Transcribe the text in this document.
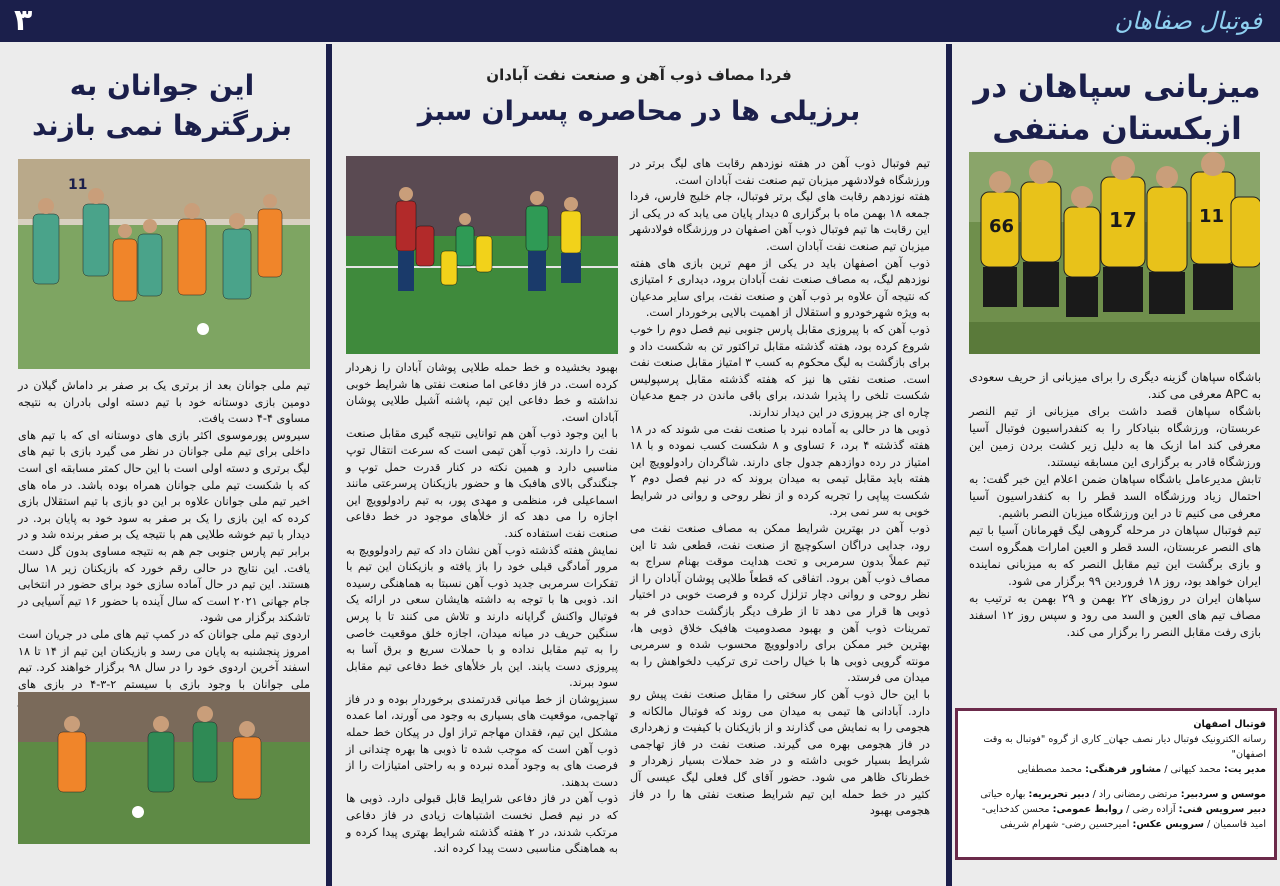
۳	فوتبال صفاهان
میزبانی سپاهان در ازبکستان منتفی
66	17	11

باشگاه سپاهان گزینه دیگری را برای میزبانی از حریف سعودی به APC معرفی می کند.

باشگاه سپاهان قصد داشت برای میزبانی از تیم النصر عربستان، ورزشگاه بنیادکار را به کنفدراسیون فوتبال آسیا معرفی کند اما ازبک ها به دلیل زیر کشت بردن زمین این ورزشگاه قادر به برگزاری این مسابقه نیستند.

تابش مدیرعامل باشگاه سپاهان ضمن اعلام این خبر گفت: به احتمال زیاد ورزشگاه السد قطر را به کنفدراسیون آسیا معرفی می کنیم تا در این ورزشگاه میزبان النصر باشیم.

تیم فوتبال سپاهان در مرحله گروهی لیگ قهرمانان آسیا با تیم های النصر عربستان، السد قطر و العین امارات همگروه است و بازی برگشت این تیم مقابل النصر که به میزبانی نماینده ایران خواهد بود، روز ۱۸ فروردین ۹۹ برگزار می شود.

سپاهان ایران در روزهای ۲۲ بهمن و ۲۹ بهمن به ترتیب به مصاف تیم های العین و السد می رود و سپس روز ۱۲ اسفند بازی رفت مقابل النصر را برگزار می کند.

فوتبال اصفهان
رسانه الکترونیک فوتبال دیار نصف جهان_ کاری از گروه "فوتبال به وقت اصفهان"
مدیر یت: محمد کیهانی / مشاور فرهنگی: محمد مصطفایی
موسس و سردبیر: مرتضی رمضانی راد / دبیر تحریریه: بهاره حیاتی
دبیر سرویس فنی: آزاده رضی / روابط عمومی: محسن کدخدایی- امید قاسمیان / سرویس عکس: امیرحسین رضی- شهرام شریفی
فردا مصاف ذوب آهن و صنعت نفت آبادان
برزیلی ها در محاصره پسران سبز

تیم فوتبال ذوب آهن در هفته نوزدهم رقابت های لیگ برتر در ورزشگاه فولادشهر میزبان تیم صنعت نفت آبادان است.

هفته نوزدهم رقابت های لیگ برتر فوتبال، جام خلیج فارس، فردا جمعه ۱۸ بهمن ماه با برگزاری ۵ دیدار پایان می یابد که در یکی از این رقابت ها تیم فوتبال ذوب آهن اصفهان در ورزشگاه فولادشهر میزبان تیم صنعت نفت آبادان است.

ذوب آهن اصفهان باید در یکی از مهم ترین بازی های هفته نوزدهم لیگ، به مصاف صنعت نفت آبادان برود، دیداری ۶ امتیازی که نتیجه آن علاوه بر ذوب آهن و صنعت نفت، برای سایر مدعیان به ویژه شهرخودرو و استقلال از اهمیت بالایی برخوردار است.

ذوب آهن که با پیروزی مقابل پارس جنوبی نیم فصل دوم را خوب شروع کرده بود، هفته گذشته مقابل تراکتور تن به شکست داد و برای بازگشت به لیگ محکوم به کسب ۳ امتیاز مقابل صنعت نفت است. صنعت نفتی ها نیز که هفته گذشته مقابل پرسپولیس شکست تلخی را پذیرا شدند، برای باقی ماندن در جمع مدعیان چاره ای جز پیروزی در این دیدار ندارند.

ذوبی ها در حالی به آماده نبرد با صنعت نفت می شوند که در ۱۸ هفته گذشته ۴ برد، ۶ تساوی و ۸ شکست کسب نموده و با ۱۸ امتیاز در رده دوازدهم جدول جای دارند. شاگردان رادولوویچ این هفته باید مقابل تیمی به میدان بروند که در نیم فصل دوم ۲ شکست پیاپی را تجربه کرده و از نظر روحی و روانی در شرایط خوبی به سر نمی برد.

ذوب آهن در بهترین شرایط ممکن به مصاف صنعت نفت می رود، جدایی دراگان اسکوچیچ از صنعت نفت، قطعی شد تا این تیم عملاً بدون سرمربی و تحت هدایت موقت بهنام سراج به مصاف ذوب آهن برود. اتفاقی که قطعاً طلایی پوشان آبادان را از نظر روحی و روانی دچار تزلزل کرده و فرصت خوبی در اختیار ذوبی ها قرار می دهد تا از طرف دیگر بازگشت حدادی فر به تمرینات ذوب آهن و بهبود مصدومیت هافبک خلاق ذوبی ها، بهترین خبر ممکن برای رادولوویچ محسوب شده و سرمربی مونته گرویی ذوبی ها با خیال راحت تری ترکیب دلخواهش را به میدان می فرستد.

با این حال ذوب آهن کار سختی را مقابل صنعت نفت پیش رو دارد. آبادانی ها تیمی به میدان می روند که فوتبال مالکانه و هجومی را به نمایش می گذارند و از بازیکنان با کیفیت و زهرداری در فاز هجومی بهره می گیرند. صنعت نفت در فاز تهاجمی شرایط بسیار خوبی داشته و در ضد حملات بسیار زهردار و خطرناک ظاهر می شود. حضور آقای گل فعلی لیگ عیسی آل کثیر در خط حمله این تیم شرایط صنعت نفتی ها را در فاز هجومی بهبود

بهبود بخشیده و خط حمله طلایی پوشان آبادان را زهردار کرده است. در فاز دفاعی اما صنعت نفتی ها شرایط خوبی نداشته و خط دفاعی این تیم، پاشنه آشیل طلایی پوشان آبادان است.

با این وجود ذوب آهن هم توانایی نتیجه گیری مقابل صنعت نفت را دارند. ذوب آهن تیمی است که سرعت انتقال توپ مناسبی دارد و همین نکته در کنار قدرت حمل توپ و جنگندگی بالای هافبک ها و حضور بازیکنان پرسرعتی مانند اسماعیلی فر، منظمی و مهدی پور، به تیم رادولوویچ این اجازه را می دهد که از خلأهای موجود در خط دفاعی صنعت نفت استفاده کند.

نمایش هفته گذشته ذوب آهن نشان داد که تیم رادولوویچ به مرور آمادگی قبلی خود را باز یافته و بازیکنان این تیم با تفکرات سرمربی جدید ذوب آهن نسبتا به هماهنگی رسیده اند. ذوبی ها با توجه به داشته هایشان سعی در ارائه یک فوتبال واکنش گرایانه دارند و تلاش می کنند تا با پرس سنگین حریف در میانه میدان، اجازه خلق موقعیت خاصی را به تیم مقابل نداده و با حملات سریع و برق آسا به پیروزی دست یابند. این بار خلأهای خط دفاعی تیم مقابل سود ببرند.

سبزپوشان از خط میانی قدرتمندی برخوردار بوده و در فاز تهاجمی، موقعیت های بسیاری به وجود می آورند، اما عمده مشکل این تیم، فقدان مهاجم تراز اول در پیکان خط حمله ذوب آهن است که موجب شده تا ذوبی ها بهره چندانی از فرصت های به وجود آمده نبرده و به راحتی امتیازات را از دست بدهند.

ذوب آهن در فاز دفاعی شرایط قابل قبولی دارد. ذوبی ها که در نیم فصل نخست اشتباهات زیادی در فاز دفاعی مرتکب شدند، در ۲ هفته گذشته شرایط بهتری پیدا کرده و به هماهنگی مناسبی دست پیدا کرده اند.

این جوانان به بزرگترها نمی بازند
11

تیم ملی جوانان بعد از برتری یک بر صفر بر داماش گیلان در دومین بازی دوستانه خود با تیم دسته اولی بادران به نتیجه مساوی ۴-۴ دست یافت.

سیروس پورموسوی اکثر بازی های دوستانه ای که با تیم های داخلی برای تیم ملی جوانان در نظر می گیرد بازی با تیم های لیگ برتری و دسته اولی است با این حال کمتر مسابقه ای است که با شکست تیم ملی جوانان همراه بوده باشد. در ماه های اخیر تیم ملی جوانان علاوه بر این دو بازی با تیم استقلال بازی کرده که این بازی را یک بر صفر به سود خود به پایان برد. در دیدار با تیم خوشه طلایی هم با نتیجه یک بر صفر برنده شد و در برابر تیم پارس جنوبی جم هم به نتیجه مساوی بدون گل دست یافت. این نتایج در حالی رقم خورد که بازیکنان زیر ۱۸ سال هستند. این تیم در حال آماده سازی خود برای حضور در انتخابی جام جهانی ۲۰۲۱ است که سال آینده با حضور ۱۶ تیم آسیایی در تاشکند برگزار می شود.

اردوی تیم ملی جوانان که در کمپ تیم های ملی در جریان است امروز پنجشنبه به پایان می رسد و بازیکنان این تیم از ۱۴ تا ۱۸ اسفند آخرین اردوی خود را در سال ۹۸ برگزار خواهند کرد. تیم ملی جوانان با وجود بازی با سیستم ۲-۳-۴ در بازی های
